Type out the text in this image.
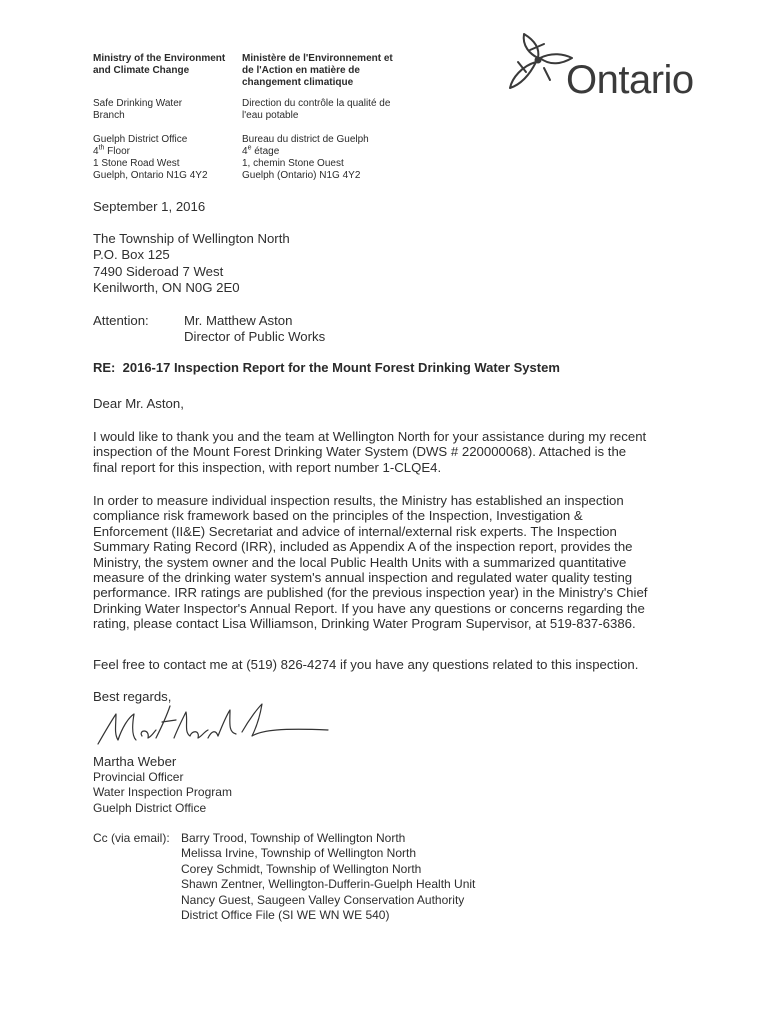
Ministry of the Environment
and Climate Change
Safe Drinking Water
Branch
Guelph District Office
4th Floor
1 Stone Road West
Guelph, Ontario N1G 4Y2
Ministère de l'Environnement et
de l'Action en matière de
changement climatique
Direction du contrôle la qualité de
l'eau potable
Bureau du district de Guelph
4e étage
1, chemin Stone Ouest
Guelph (Ontario) N1G 4Y2
Ontario
September 1, 2016
The Township of Wellington North
P.O. Box 125
7490 Sideroad 7 West
Kenilworth, ON N0G 2E0
Attention:	Mr. Matthew Aston
Director of Public Works
RE: 2016-17 Inspection Report for the Mount Forest Drinking Water System
Dear Mr. Aston,
I would like to thank you and the team at Wellington North for your assistance during my recent
inspection of the Mount Forest Drinking Water System (DWS # 220000068). Attached is the
final report for this inspection, with report number 1-CLQE4.
In order to measure individual inspection results, the Ministry has established an inspection
compliance risk framework based on the principles of the Inspection, Investigation &
Enforcement (II&E) Secretariat and advice of internal/external risk experts. The Inspection
Summary Rating Record (IRR), included as Appendix A of the inspection report, provides the
Ministry, the system owner and the local Public Health Units with a summarized quantitative
measure of the drinking water system's annual inspection and regulated water quality testing
performance. IRR ratings are published (for the previous inspection year) in the Ministry's Chief
Drinking Water Inspector's Annual Report. If you have any questions or concerns regarding the
rating, please contact Lisa Williamson, Drinking Water Program Supervisor, at 519-837-6386.
Feel free to contact me at (519) 826-4274 if you have any questions related to this inspection.
Best regards,
Martha Weber
Provincial Officer
Water Inspection Program
Guelph District Office
Cc (via email): Barry Trood, Township of Wellington North
Melissa Irvine, Township of Wellington North
Corey Schmidt, Township of Wellington North
Shawn Zentner, Wellington-Dufferin-Guelph Health Unit
Nancy Guest, Saugeen Valley Conservation Authority
District Office File (SI WE WN WE 540)
